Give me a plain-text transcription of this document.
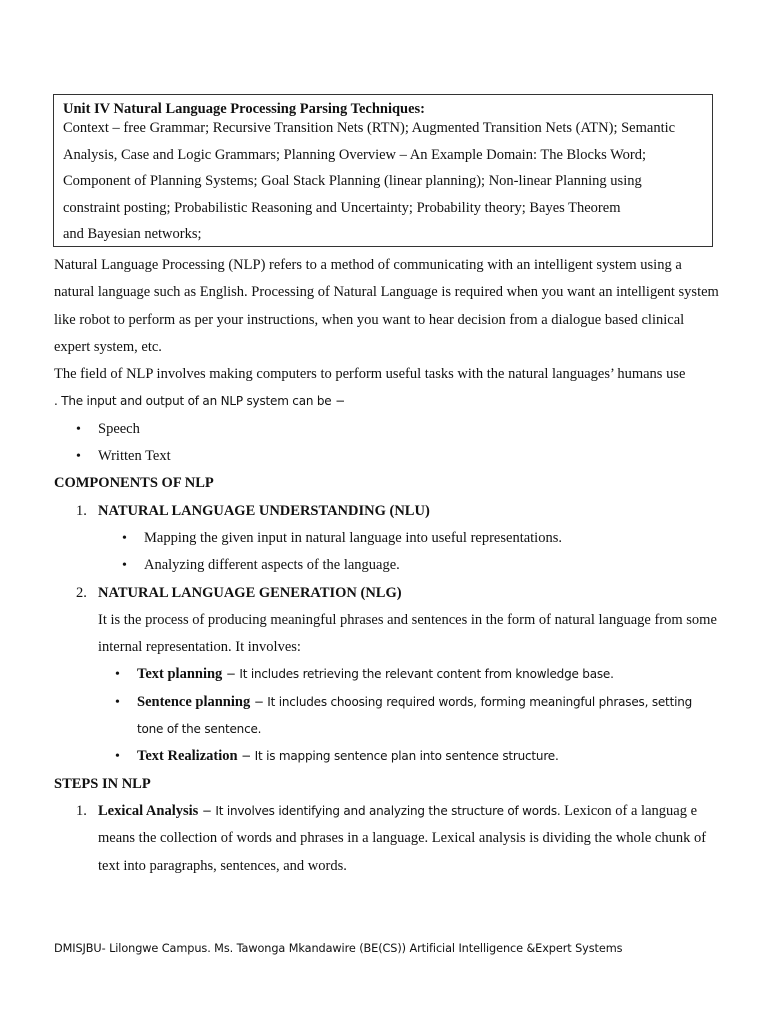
Unit IV Natural Language Processing Parsing Techniques:
Context – free Grammar; Recursive Transition Nets (RTN); Augmented Transition Nets (ATN); Semantic
Analysis, Case and Logic Grammars; Planning Overview – An Example Domain: The Blocks Word;
Component of Planning Systems; Goal Stack Planning (linear planning); Non-linear Planning using
constraint posting; Probabilistic Reasoning and Uncertainty; Probability theory; Bayes Theorem
and Bayesian networks;

Natural Language Processing (NLP) refers to a method of communicating with an intelligent system using a natural language such as English. Processing of Natural Language is required when you want an intelligent system like robot to perform as per your instructions, when you want to hear decision from a dialogue based clinical expert system, etc.

The field of NLP involves making computers to perform useful tasks with the natural languages’ humans use

. The input and output of an NLP system can be −

• Speech
• Written Text

COMPONENTS OF NLP

1. NATURAL LANGUAGE UNDERSTANDING (NLU)
• Mapping the given input in natural language into useful representations.
• Analyzing different aspects of the language.
2. NATURAL LANGUAGE GENERATION (NLG)

It is the process of producing meaningful phrases and sentences in the form of natural language from some internal representation. It involves:

• Text planning − It includes retrieving the relevant content from knowledge base.
• Sentence planning − It includes choosing required words, forming meaningful phrases, setting tone of the sentence.
• Text Realization − It is mapping sentence plan into sentence structure.

STEPS IN NLP

1. Lexical Analysis − It involves identifying and analyzing the structure of words. Lexicon of a languag e means the collection of words and phrases in a language. Lexical analysis is dividing the whole chunk of text into paragraphs, sentences, and words.
DMISJBU- Lilongwe Campus. Ms. Tawonga Mkandawire (BE(CS)) Artificial Intelligence &Expert Systems
